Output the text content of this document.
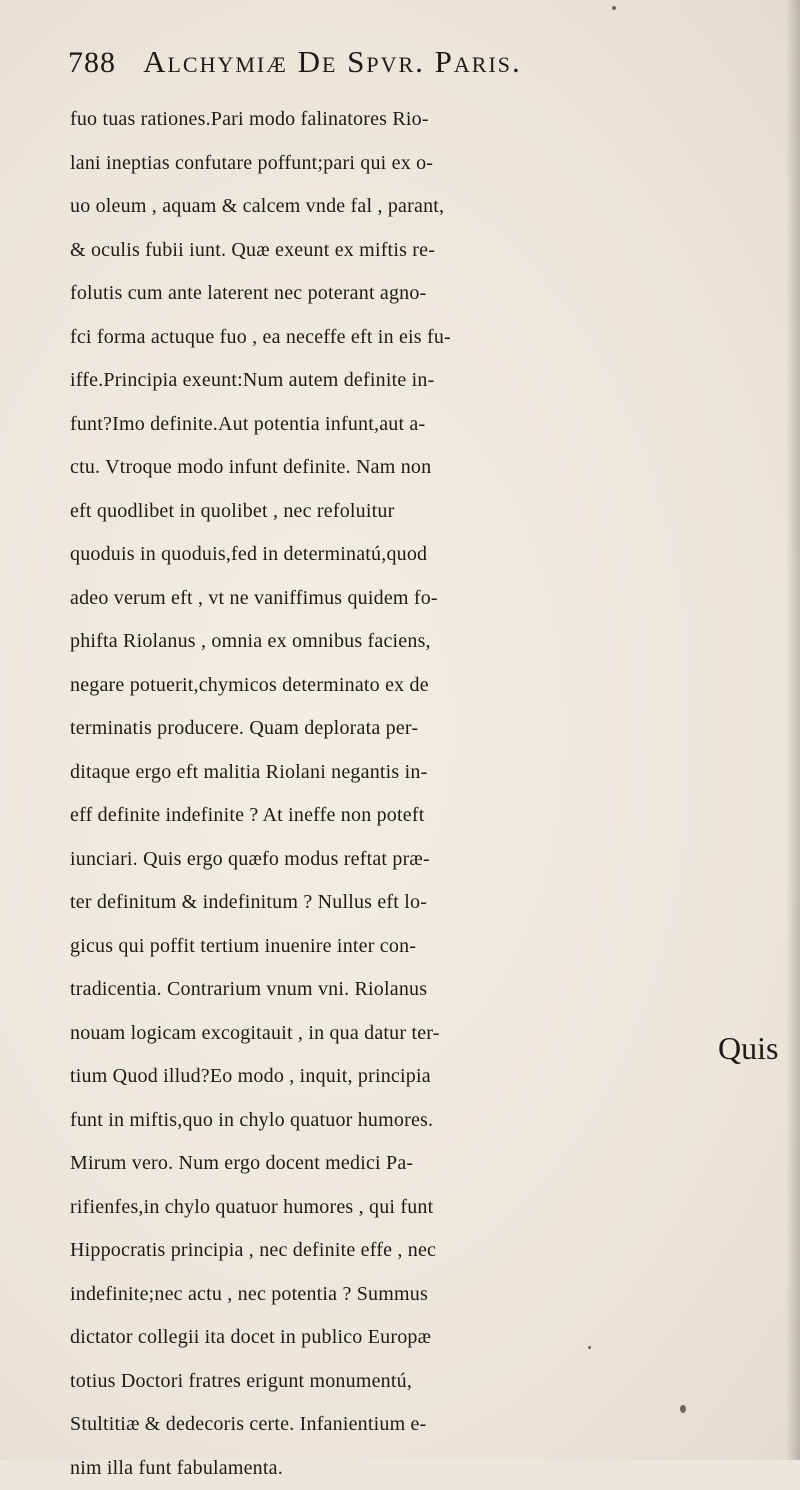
788 Alchymiæ De Spvr. Paris.
fuo tuas rationes.Pari modo falinatores Rio-
lani ineptias confutare poffunt;pari qui ex o-
uo oleum , aquam & calcem vnde fal , parant,
& oculis fubii iunt. Quæ exeunt ex miftis re-
folutis cum ante laterent nec poterant agno-
fci forma actuque fuo , ea neceffe eft in eis fu-
iffe.Principia exeunt:Num autem definite in-
funt?Imo definite.Aut potentia infunt,aut a-
ctu. Vtroque modo infunt definite. Nam non
eft quodlibet in quolibet , nec refoluitur
quoduis in quoduis,fed in determinatú,quod
adeo verum eft , vt ne vaniffimus quidem fo-
phifta Riolanus , omnia ex omnibus faciens,
negare potuerit,chymicos determinato ex de
terminatis producere. Quam deplorata per-
ditaque ergo eft malitia Riolani negantis in-
eff definite indefinite ? At ineffe non poteft
iunciari. Quis ergo quæfo modus reftat præ-
ter definitum & indefinitum ? Nullus eft lo-
gicus qui poffit tertium inuenire inter con-
tradicentia. Contrarium vnum vni. Riolanus
nouam logicam excogitauit , in qua datur ter-
tium Quod illud?Eo modo , inquit, principia
funt in miftis,quo in chylo quatuor humores.
Mirum vero. Num ergo docent medici Pa-
rifienfes,in chylo quatuor humores , qui funt
Hippocratis principia , nec definite effe , nec
indefinite;nec actu , nec potentia ? Summus
dictator collegii ita docet in publico Europæ
totius Doctori fratres erigunt monumentú,
Stultitiæ & dedecoris certe. Infanientium e-
nim illa funt fabulamenta.
Quis
